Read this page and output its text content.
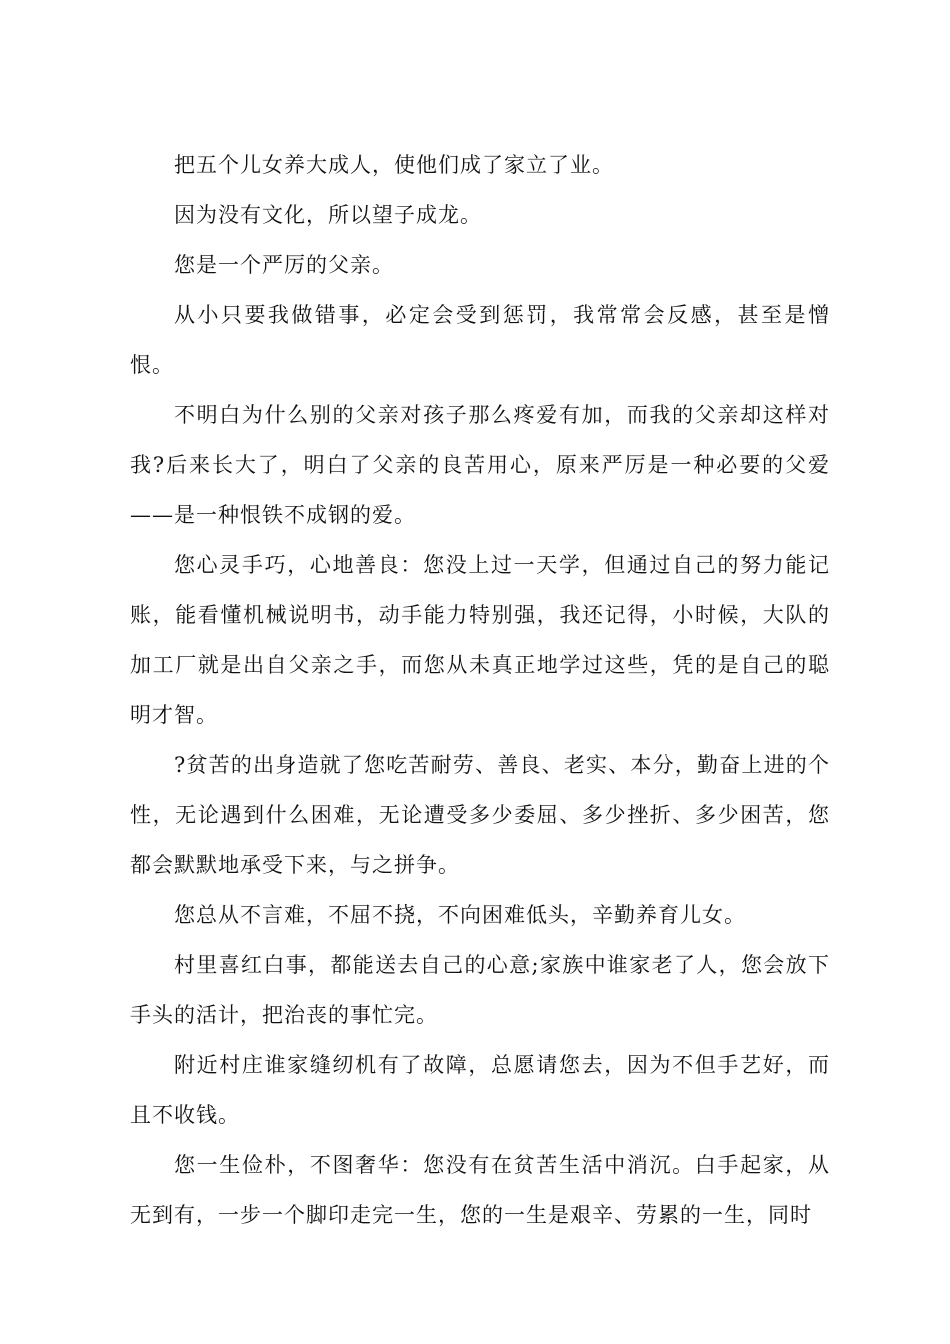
把五个儿女养大成人，使他们成了家立了业。

因为没有文化，所以望子成龙。

您是一个严厉的父亲。

从小只要我做错事，必定会受到惩罚，我常常会反感，甚至是憎恨。

不明白为什么别的父亲对孩子那么疼爱有加，而我的父亲却这样对我?后来长大了，明白了父亲的良苦用心，原来严厉是一种必要的父爱——是一种恨铁不成钢的爱。

您心灵手巧，心地善良：您没上过一天学，但通过自己的努力能记账，能看懂机械说明书，动手能力特别强，我还记得，小时候，大队的加工厂就是出自父亲之手，而您从未真正地学过这些，凭的是自己的聪明才智。

?贫苦的出身造就了您吃苦耐劳、善良、老实、本分，勤奋上进的个性，无论遇到什么困难，无论遭受多少委屈、多少挫折、多少困苦，您都会默默地承受下来，与之拼争。

您总从不言难，不屈不挠，不向困难低头，辛勤养育儿女。

村里喜红白事，都能送去自己的心意;家族中谁家老了人，您会放下手头的活计，把治丧的事忙完。

附近村庄谁家缝纫机有了故障，总愿请您去，因为不但手艺好，而且不收钱。

您一生俭朴，不图奢华：您没有在贫苦生活中消沉。白手起家，从无到有，一步一个脚印走完一生，您的一生是艰辛、劳累的一生，同时
